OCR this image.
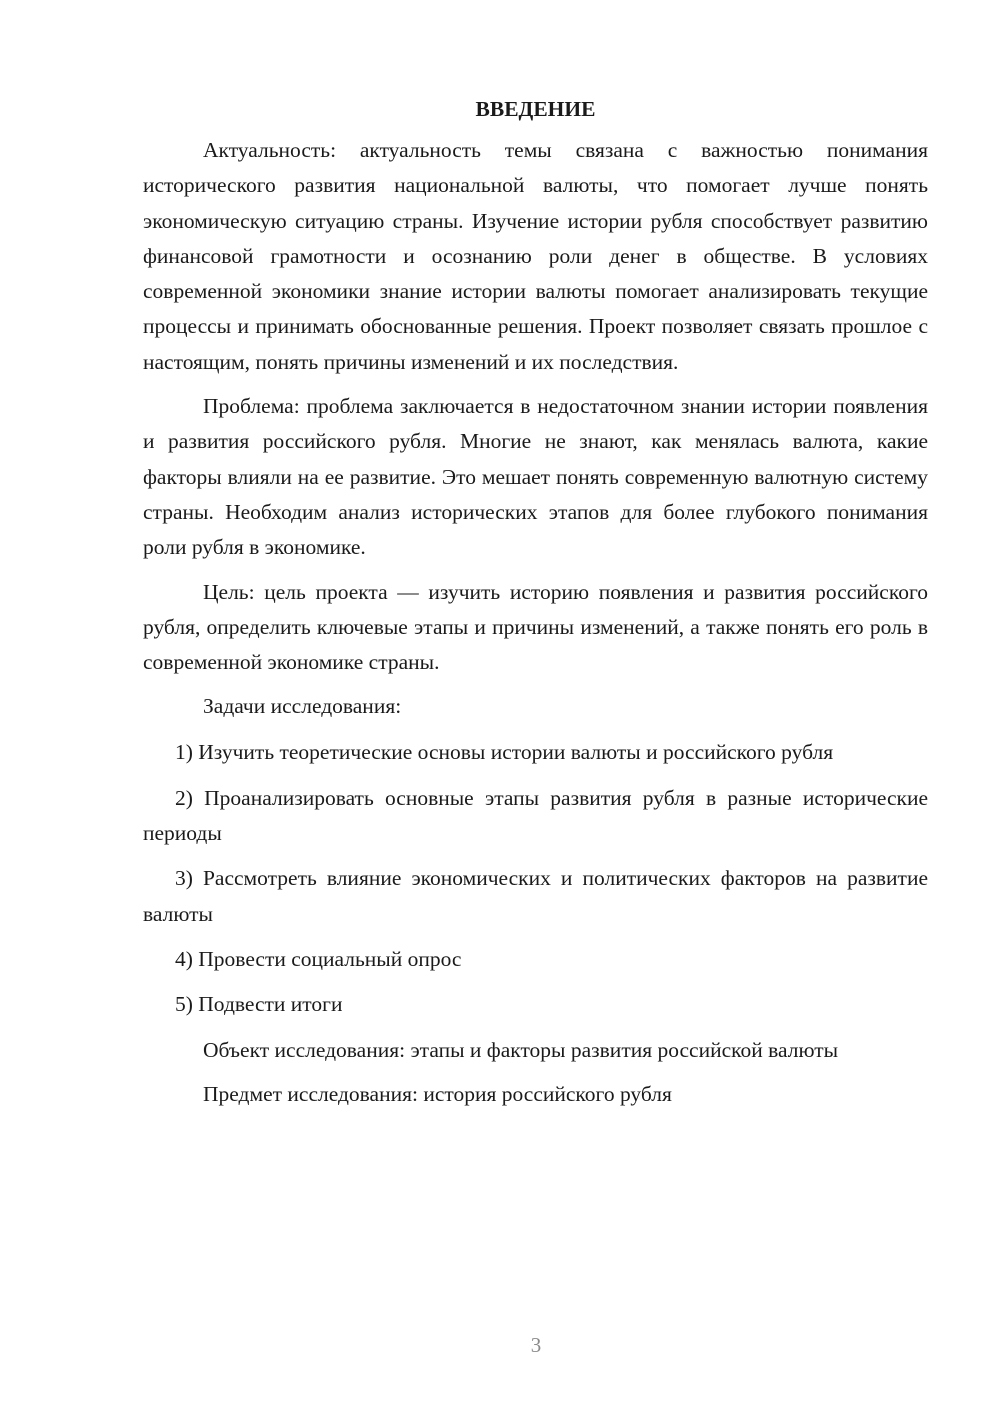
ВВЕДЕНИЕ

Актуальность: актуальность темы связана с важностью понимания исторического развития национальной валюты, что помогает лучше понять экономическую ситуацию страны. Изучение истории рубля способствует развитию финансовой грамотности и осознанию роли денег в обществе. В условиях современной экономики знание истории валюты помогает анализировать текущие процессы и принимать обоснованные решения. Проект позволяет связать прошлое с настоящим, понять причины изменений и их последствия.

Проблема: проблема заключается в недостаточном знании истории появления и развития российского рубля. Многие не знают, как менялась валюта, какие факторы влияли на ее развитие. Это мешает понять современную валютную систему страны. Необходим анализ исторических этапов для более глубокого понимания роли рубля в экономике.

Цель: цель проекта — изучить историю появления и развития российского рубля, определить ключевые этапы и причины изменений, а также понять его роль в современной экономике страны.

Задачи исследования:

1) Изучить теоретические основы истории валюты и российского рубля

2) Проанализировать основные этапы развития рубля в разные исторические периоды

3) Рассмотреть влияние экономических и политических факторов на развитие валюты

4) Провести социальный опрос

5) Подвести итоги

Объект исследования: этапы и факторы развития российской валюты

Предмет исследования: история российского рубля

3
